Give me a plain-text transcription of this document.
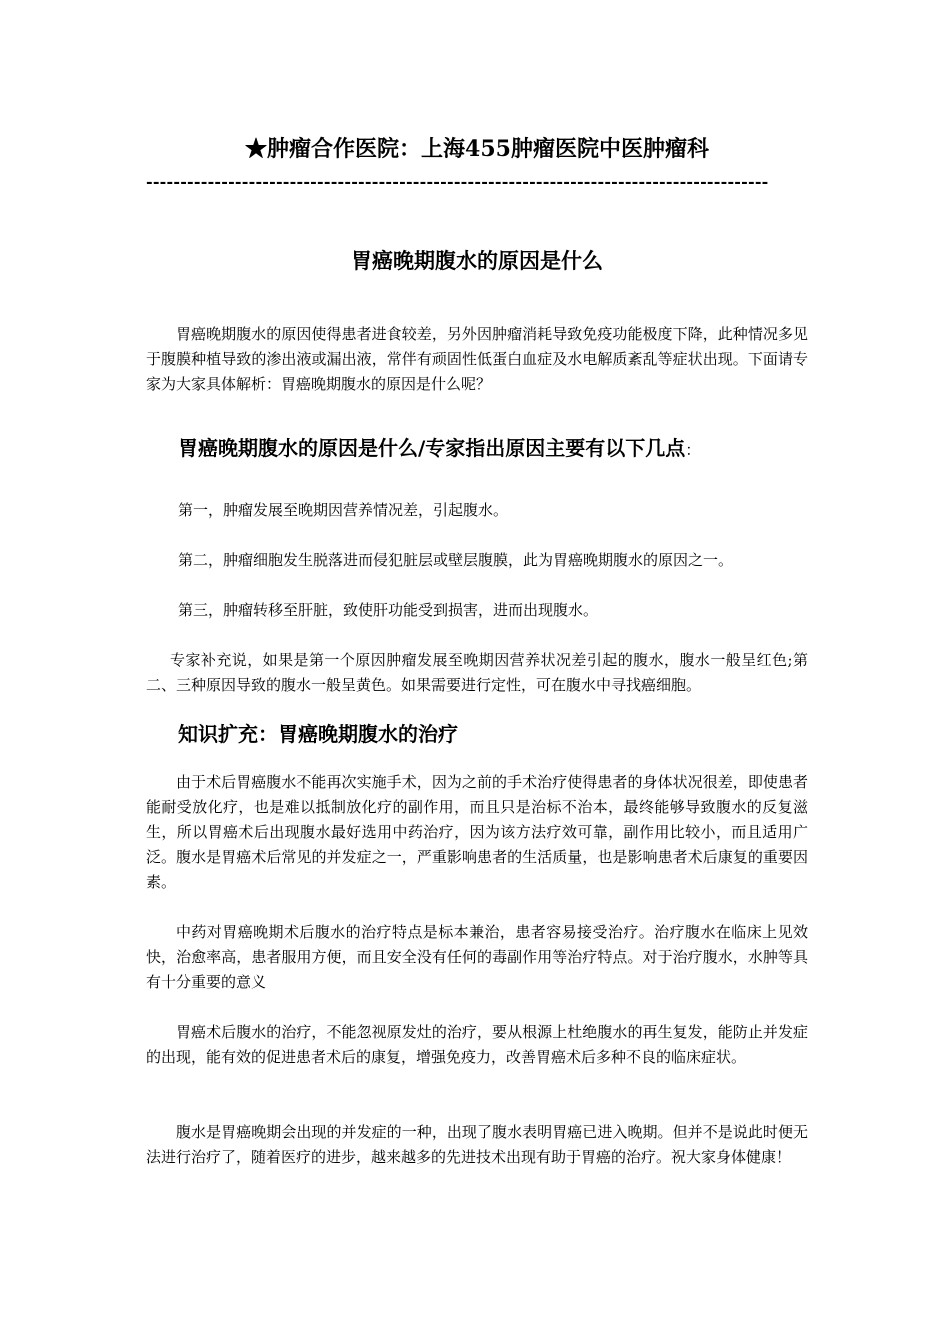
★肿瘤合作医院：上海455肿瘤医院中医肿瘤科
-------------------------------------------------------------------------------------------
胃癌晚期腹水的原因是什么

胃癌晚期腹水的原因使得患者进食较差，另外因肿瘤消耗导致免疫功能极度下降，此种情况多见于腹膜种植导致的渗出液或漏出液，常伴有顽固性低蛋白血症及水电解质紊乱等症状出现。下面请专家为大家具体解析：胃癌晚期腹水的原因是什么呢？

胃癌晚期腹水的原因是什么/专家指出原因主要有以下几点：
第一，肿瘤发展至晚期因营养情况差，引起腹水。
第二，肿瘤细胞发生脱落进而侵犯脏层或壁层腹膜，此为胃癌晚期腹水的原因之一。
第三，肿瘤转移至肝脏，致使肝功能受到损害，进而出现腹水。

专家补充说，如果是第一个原因肿瘤发展至晚期因营养状况差引起的腹水，腹水一般呈红色;第二、三种原因导致的腹水一般呈黄色。如果需要进行定性，可在腹水中寻找癌细胞。

知识扩充：胃癌晚期腹水的治疗

由于术后胃癌腹水不能再次实施手术，因为之前的手术治疗使得患者的身体状况很差，即使患者能耐受放化疗，也是难以抵制放化疗的副作用，而且只是治标不治本，最终能够导致腹水的反复滋生，所以胃癌术后出现腹水最好选用中药治疗，因为该方法疗效可靠，副作用比较小，而且适用广泛。腹水是胃癌术后常见的并发症之一，严重影响患者的生活质量，也是影响患者术后康复的重要因素。

中药对胃癌晚期术后腹水的治疗特点是标本兼治，患者容易接受治疗。治疗腹水在临床上见效快，治愈率高，患者服用方便，而且安全没有任何的毒副作用等治疗特点。对于治疗腹水，水肿等具有十分重要的意义

胃癌术后腹水的治疗，不能忽视原发灶的治疗，要从根源上杜绝腹水的再生复发，能防止并发症的出现，能有效的促进患者术后的康复，增强免疫力，改善胃癌术后多种不良的临床症状。

腹水是胃癌晚期会出现的并发症的一种，出现了腹水表明胃癌已进入晚期。但并不是说此时便无法进行治疗了，随着医疗的进步，越来越多的先进技术出现有助于胃癌的治疗。祝大家身体健康！
